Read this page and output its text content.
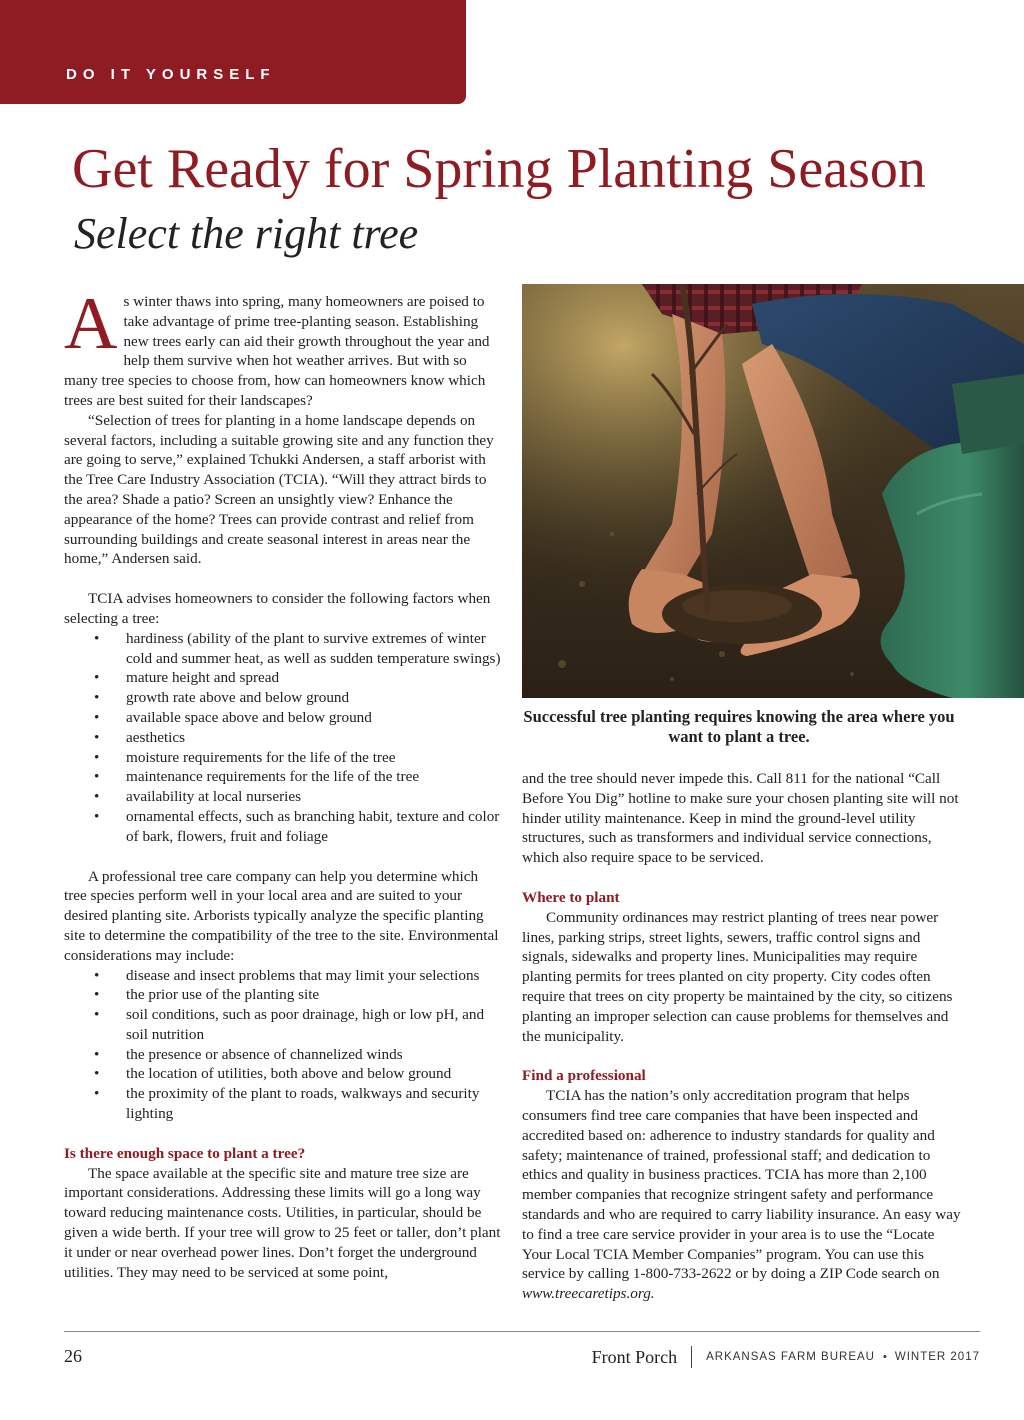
DO IT YOURSELF
Get Ready for Spring Planting Season
Select the right tree

As winter thaws into spring, many homeowners are poised to take advantage of prime tree-planting season. Establishing new trees early can aid their growth throughout the year and help them survive when hot weather arrives. But with so many tree species to choose from, how can homeowners know which trees are best suited for their landscapes?

“Selection of trees for planting in a home landscape depends on several factors, including a suitable growing site and any function they are going to serve,” explained Tchukki Andersen, a staff arborist with the Tree Care Industry Association (TCIA). “Will they attract birds to the area? Shade a patio? Screen an unsightly view? Enhance the appearance of the home? Trees can provide contrast and relief from surrounding buildings and create seasonal interest in areas near the home,” Andersen said.

TCIA advises homeowners to consider the following factors when selecting a tree:

• hardiness (ability of the plant to survive extremes of winter cold and summer heat, as well as sudden temperature swings)
• mature height and spread
• growth rate above and below ground
• available space above and below ground
• aesthetics
• moisture requirements for the life of the tree
• maintenance requirements for the life of the tree
• availability at local nurseries
• ornamental effects, such as branching habit, texture and color of bark, flowers, fruit and foliage

A professional tree care company can help you determine which tree species perform well in your local area and are suited to your desired planting site. Arborists typically analyze the specific planting site to determine the compatibility of the tree to the site. Environmental considerations may include:

• disease and insect problems that may limit your selections
• the prior use of the planting site
• soil conditions, such as poor drainage, high or low pH, and soil nutrition
• the presence or absence of channelized winds
• the location of utilities, both above and below ground
• the proximity of the plant to roads, walkways and security lighting
Is there enough space to plant a tree?

The space available at the specific site and mature tree size are important considerations. Addressing these limits will go a long way toward reducing maintenance costs. Utilities, in particular, should be given a wide berth. If your tree will grow to 25 feet or taller, don’t plant it under or near overhead power lines. Don’t forget the underground utilities. They may need to be serviced at some point,

Successful tree planting requires knowing the area where you want to plant a tree.

and the tree should never impede this. Call 811 for the national “Call Before You Dig” hotline to make sure your chosen planting site will not hinder utility maintenance. Keep in mind the ground-level utility structures, such as transformers and individual service connections, which also require space to be serviced.

Where to plant

Community ordinances may restrict planting of trees near power lines, parking strips, street lights, sewers, traffic control signs and signals, sidewalks and property lines. Municipalities may require planting permits for trees planted on city property. City codes often require that trees on city property be maintained by the city, so citizens planting an improper selection can cause problems for themselves and the municipality.

Find a professional

TCIA has the nation’s only accreditation program that helps consumers find tree care companies that have been inspected and accredited based on: adherence to industry standards for quality and safety; maintenance of trained, professional staff; and dedication to ethics and quality in business practices. TCIA has more than 2,100 member companies that recognize stringent safety and performance standards and who are required to carry liability insurance. An easy way to find a tree care service provider in your area is to use the “Locate Your Local TCIA Member Companies” program. You can use this service by calling 1-800-733-2622 or by doing a ZIP Code search on www.treecaretips.org.

26	Front Porch	ARKANSAS FARM BUREAU • WINTER 2017
